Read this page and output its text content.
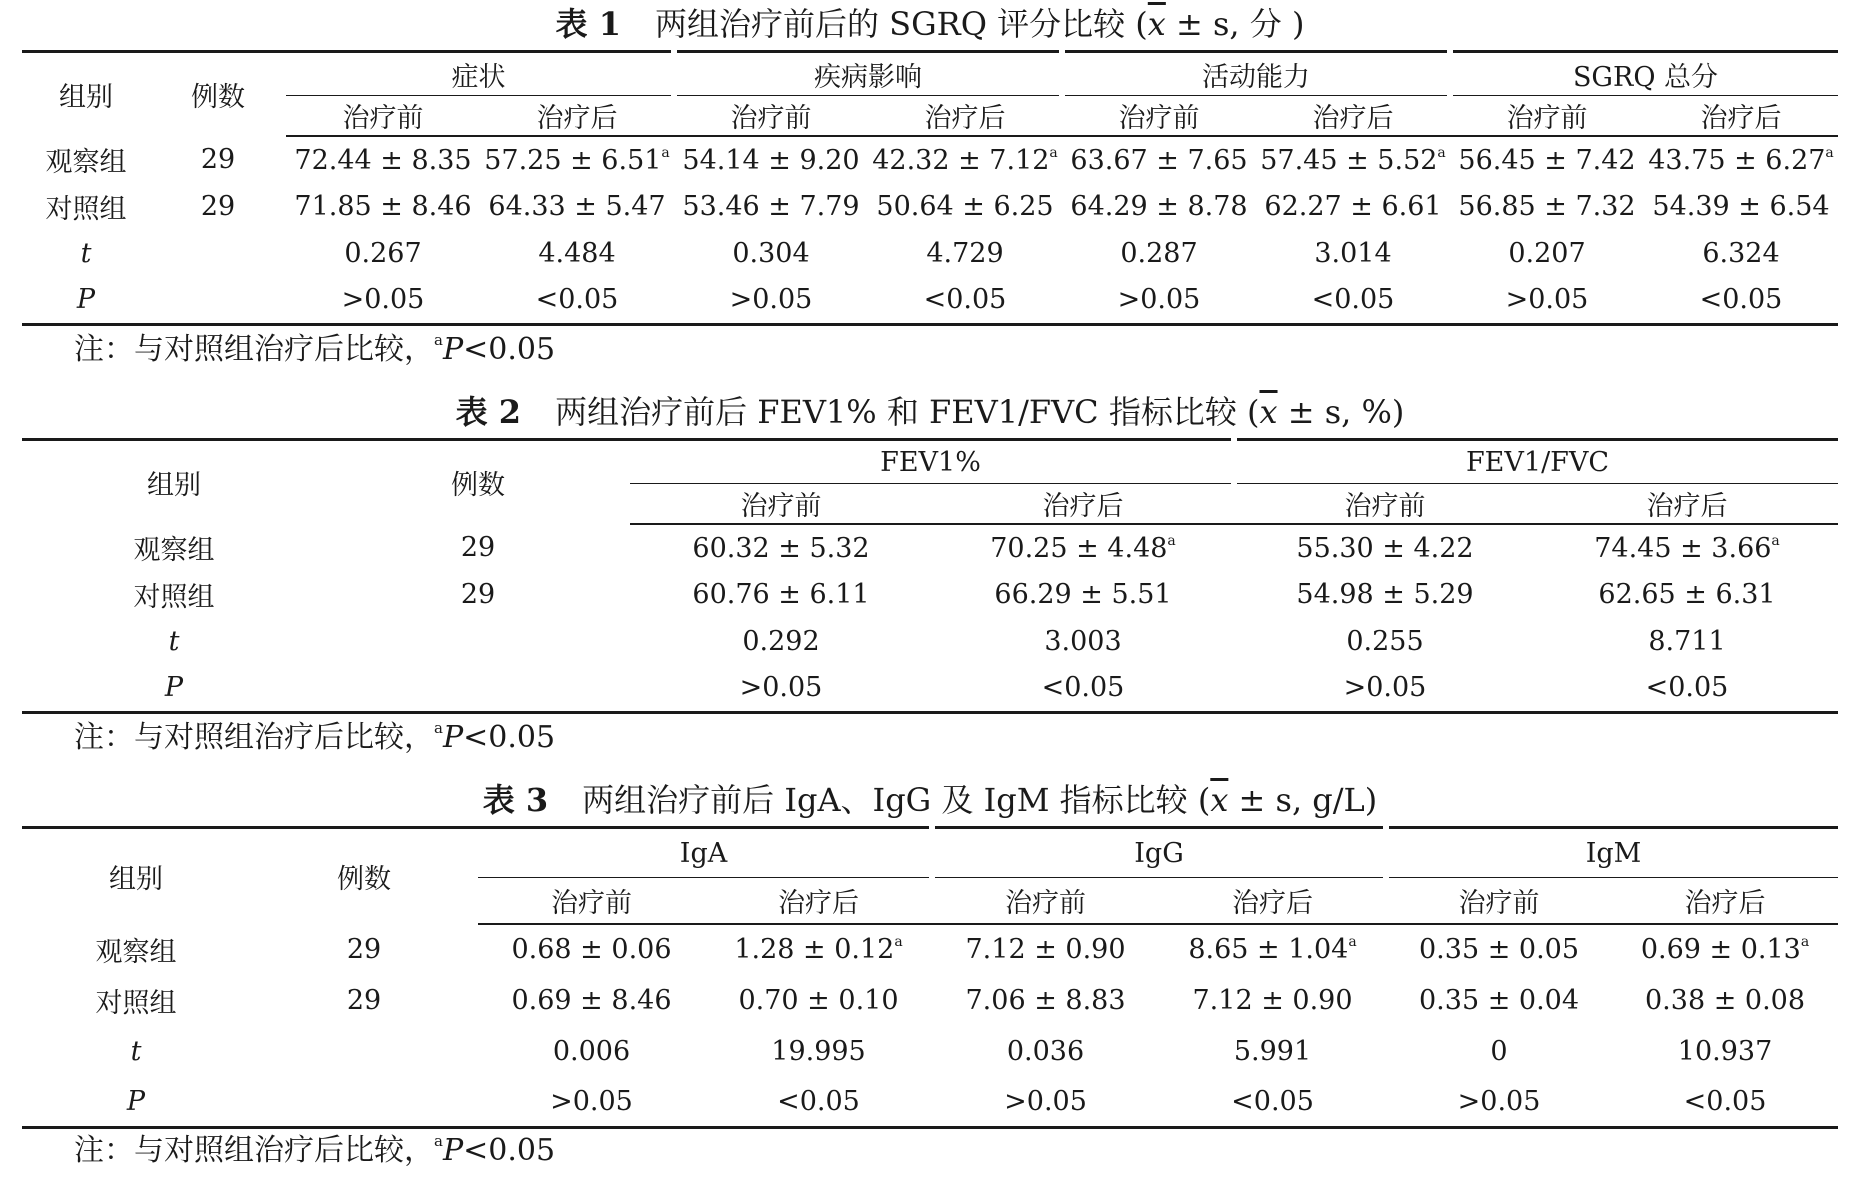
表 1 两组治疗前后的 SGRQ 评分比较 ($\overline{x} \pm s$, 分 )
组别	例数	症状		疾病影响		活动能力		SGRQ 总分	
		治疗前	治疗后	治疗前	治疗后	治疗前	治疗后	治疗前	治疗后
观察组	29	72.44 ± 8.35	57.25 ± 6.51$^a$	54.14 ± 9.20	42.32 ± 7.12$^a$	63.67 ± 7.65	57.45 ± 5.52$^a$	56.45 ± 7.42	43.75 ± 6.27$^a$
对照组	29	71.85 ± 8.46	64.33 ± 5.47	53.46 ± 7.79	50.64 ± 6.25	64.29 ± 8.78	62.27 ± 6.61	56.85 ± 7.32	54.39 ± 6.54
t		0.267	4.484	0.304	4.729	0.287	3.014	0.207	6.324
P		>0.05	<0.05	>0.05	<0.05	>0.05	<0.05	>0.05	<0.05
注：与对照组治疗后比较，$^a$P<0.05
表 2 两组治疗前后 FEV1% 和 FEV1/FVC 指标比较 ($\overline{x} \pm s$, %)
组别	例数	FEV1%		FEV1/FVC	
		治疗前	治疗后	治疗前	治疗后
观察组	29	60.32 ± 5.32	70.25 ± 4.48$^a$	55.30 ± 4.22	74.45 ± 3.66$^a$
对照组	29	60.76 ± 6.11	66.29 ± 5.51	54.98 ± 5.29	62.65 ± 6.31
t		0.292	3.003	0.255	8.711
P		>0.05	<0.05	>0.05	<0.05
注：与对照组治疗后比较，$^a$P<0.05
表 3 两组治疗前后 IgA、IgG 及 IgM 指标比较 ($\overline{x} \pm s$, g/L)
组别	例数	IgA		IgG		IgM	
		治疗前	治疗后	治疗前	治疗后	治疗前	治疗后
观察组	29	0.68 ± 0.06	1.28 ± 0.12$^a$	7.12 ± 0.90	8.65 ± 1.04$^a$	0.35 ± 0.05	0.69 ± 0.13$^a$
对照组	29	0.69 ± 8.46	0.70 ± 0.10	7.06 ± 8.83	7.12 ± 0.90	0.35 ± 0.04	0.38 ± 0.08
t		0.006	19.995	0.036	5.991	0	10.937
P		>0.05	<0.05	>0.05	<0.05	>0.05	<0.05
注：与对照组治疗后比较，$^a$P<0.05
